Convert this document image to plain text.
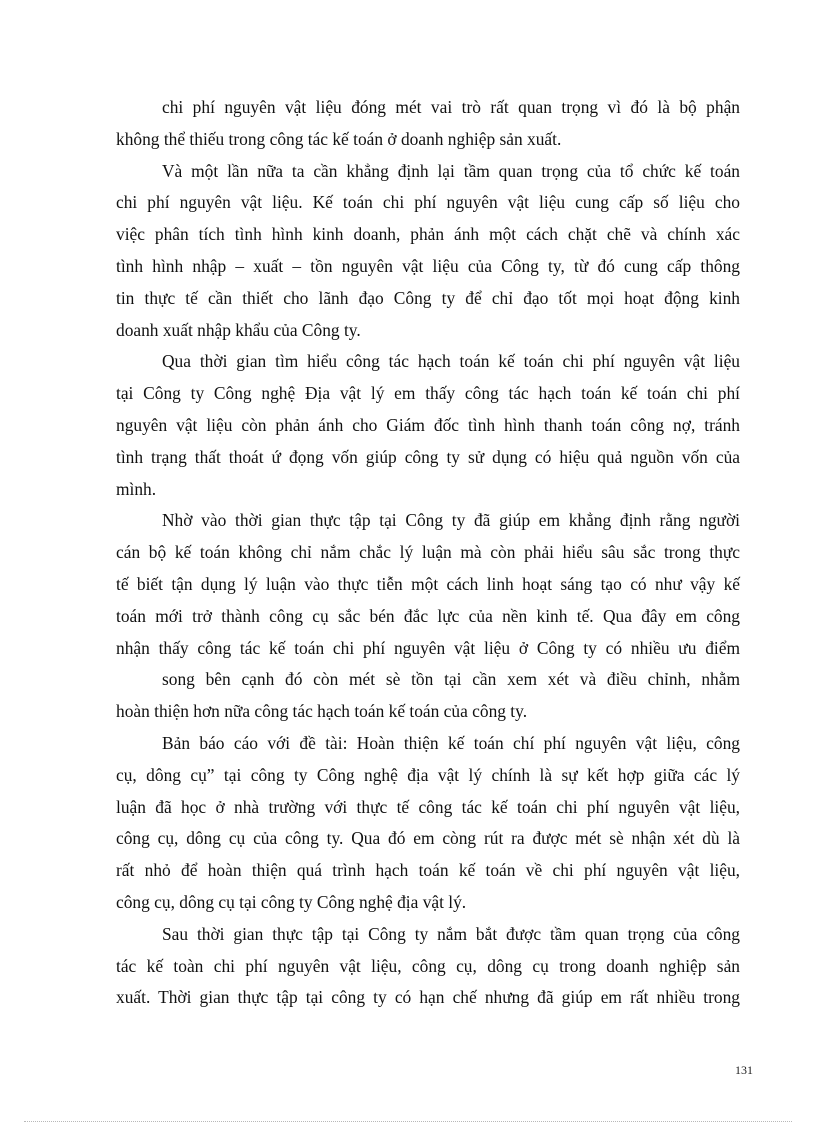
chi phí nguyên vật liệu đóng mét vai trò rất quan trọng vì đó là bộ phận
không thể thiếu trong công tác kế toán ở doanh nghiệp sản xuất.
Và một lần nữa ta cần khẳng định lại tầm quan trọng của tổ chức kế toán
chi phí nguyên vật liệu. Kế toán chi phí nguyên vật liệu cung cấp số liệu cho
việc phân tích tình hình kinh doanh, phản ánh một cách chặt chẽ và chính xác
tình hình nhập – xuất – tồn nguyên vật liệu của Công ty, từ đó cung cấp thông
tin thực tế cần thiết cho lãnh đạo Công ty để chỉ đạo tốt mọi hoạt động kinh
doanh xuất nhập khẩu của Công ty.
Qua thời gian tìm hiểu công tác hạch toán kế toán chi phí nguyên vật liệu
tại Công ty Công nghệ Địa vật lý em thấy công tác hạch toán kế toán chi phí
nguyên vật liệu còn phản ánh cho Giám đốc tình hình thanh toán công nợ, tránh
tình trạng thất thoát ứ đọng vốn giúp công ty sử dụng có hiệu quả nguồn vốn của
mình.
Nhờ vào thời gian thực tập tại Công ty đã giúp em khẳng định rằng người
cán bộ kế toán không chỉ nắm chắc lý luận mà còn phải hiểu sâu sắc trong thực
tế biết tận dụng lý luận vào thực tiễn một cách linh hoạt sáng tạo có như vậy kế
toán mới trở thành công cụ sắc bén đắc lực của nền kinh tế. Qua đây em công
nhận thấy công tác kế toán chi phí nguyên vật liệu ở Công ty có nhiều ưu điểm
song bên cạnh đó còn mét sè tồn tại cần xem xét và điều chỉnh, nhằm
hoàn thiện hơn nữa công tác hạch toán kế toán của công ty.
Bản báo cáo với đề tài: Hoàn thiện kế toán chí phí nguyên vật liệu, công
cụ, dông cụ” tại công ty Công nghệ địa vật lý chính là sự kết hợp giữa các lý
luận đã học ở nhà trường với thực tế công tác kế toán chi phí nguyên vật liệu,
công cụ, dông cụ của công ty. Qua đó em còng rút ra được mét sè nhận xét dù là
rất nhỏ để hoàn thiện quá trình hạch toán kế toán về chi phí nguyên vật liệu,
công cụ, dông cụ tại công ty Công nghệ địa vật lý.
Sau thời gian thực tập tại Công ty nắm bắt được tầm quan trọng của công
tác kế toàn chi phí nguyên vật liệu, công cụ, dông cụ trong doanh nghiệp sản
xuất. Thời gian thực tập tại công ty có hạn chế nhưng đã giúp em rất nhiều trong
131
